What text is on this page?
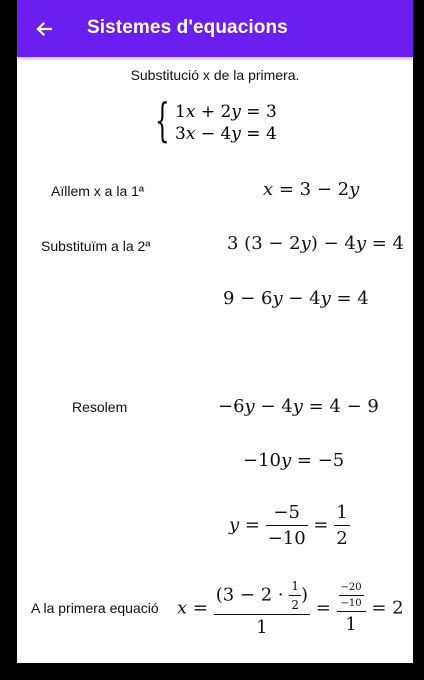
Sistemes d'equacions
Substitució x de la primera.
{ 1x + 2y = 3
3x − 4y = 4
Aïllem x a la 1ª	x = 3 − 2y
Substituïm a la 2ª	3 (3 − 2y) − 4y = 4
9 − 6y − 4y = 4
Resolem	−6y − 4y = 4 − 9
−10y = −5
$y = \frac{-5}{-10} = \frac{1}{2}$
A la primera equació $x = \frac{(3 - 2 \cdot \frac{1}{2} )}{1} = \frac{\frac{-20}{-10}}{1} = 2$
